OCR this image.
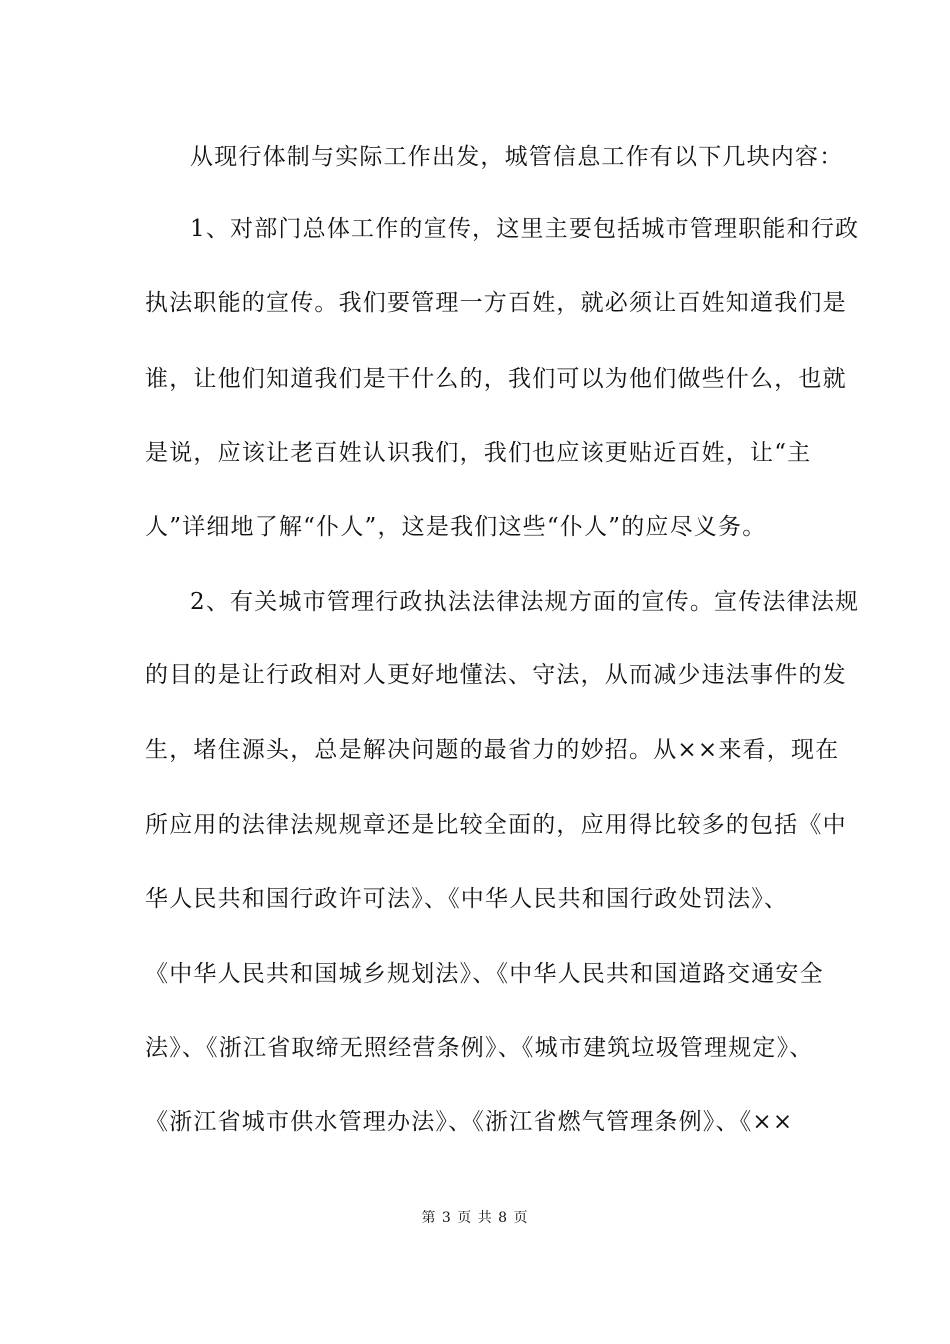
从现行体制与实际工作出发，城管信息工作有以下几块内容：
1、对部门总体工作的宣传，这里主要包括城市管理职能和行政
执法职能的宣传。我们要管理一方百姓，就必须让百姓知道我们是
谁，让他们知道我们是干什么的，我们可以为他们做些什么，也就
是说，应该让老百姓认识我们，我们也应该更贴近百姓，让“主
人”详细地了解“仆人”，这是我们这些“仆人”的应尽义务。
2、有关城市管理行政执法法律法规方面的宣传。宣传法律法规
的目的是让行政相对人更好地懂法、守法，从而减少违法事件的发
生，堵住源头，总是解决问题的最省力的妙招。从××来看，现在
所应用的法律法规规章还是比较全面的，应用得比较多的包括《中
华人民共和国行政许可法》、《中华人民共和国行政处罚法》、
《中华人民共和国城乡规划法》、《中华人民共和国道路交通安全
法》、《浙江省取缔无照经营条例》、《城市建筑垃圾管理规定》、
《浙江省城市供水管理办法》、《浙江省燃气管理条例》、《××
第 3 页 共 8 页
